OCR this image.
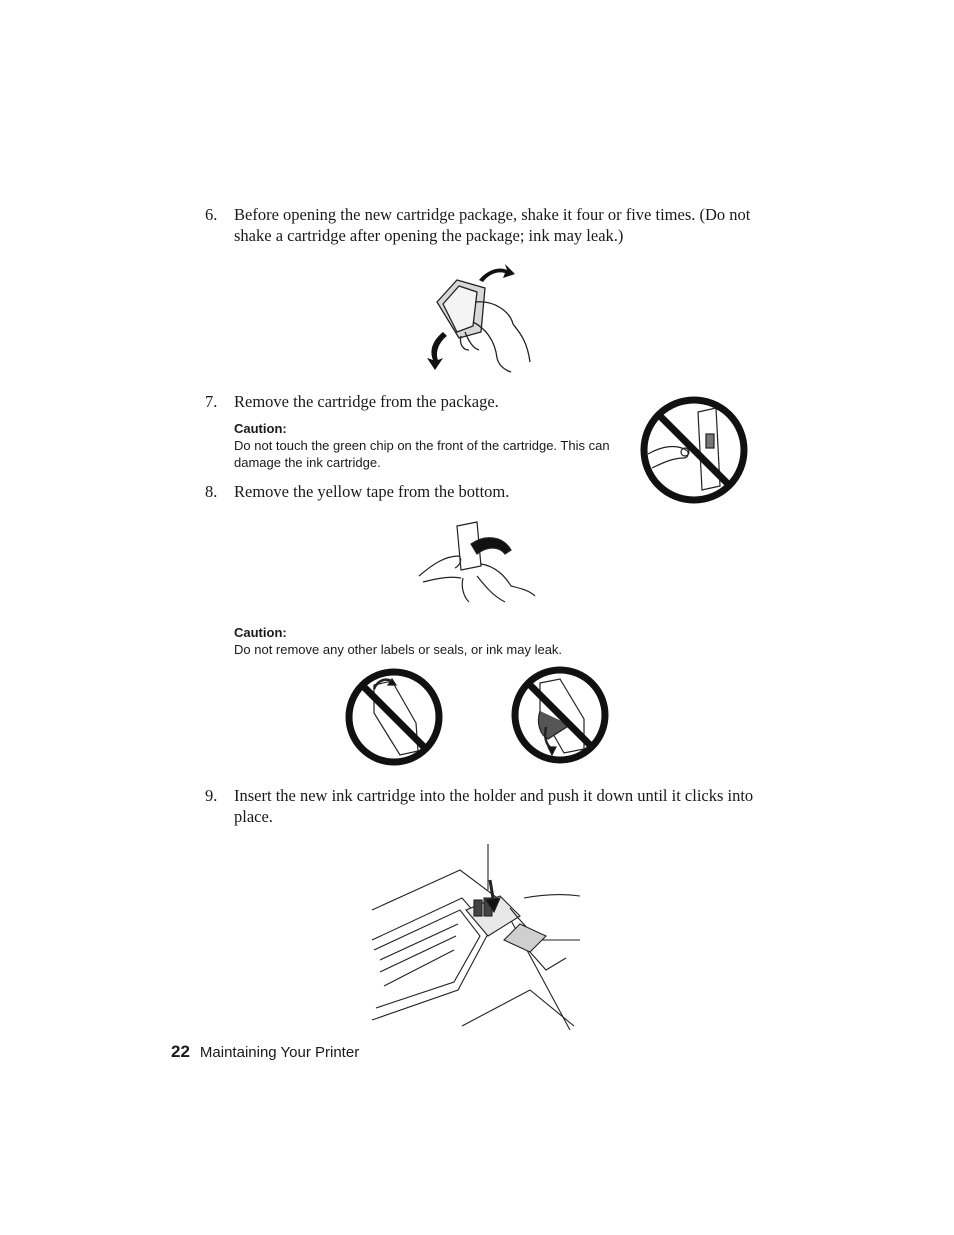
6.	Before opening the new cartridge package, shake it four or five times. (Do not shake a cartridge after opening the package; ink may leak.)
7.	Remove the cartridge from the package.
Caution:
Do not touch the green chip on the front of the cartridge. This can damage the ink cartridge.
8.	Remove the yellow tape from the bottom.
Caution:
Do not remove any other labels or seals, or ink may leak.
9.	Insert the new ink cartridge into the holder and push it down until it clicks into place.
22 Maintaining Your Printer
